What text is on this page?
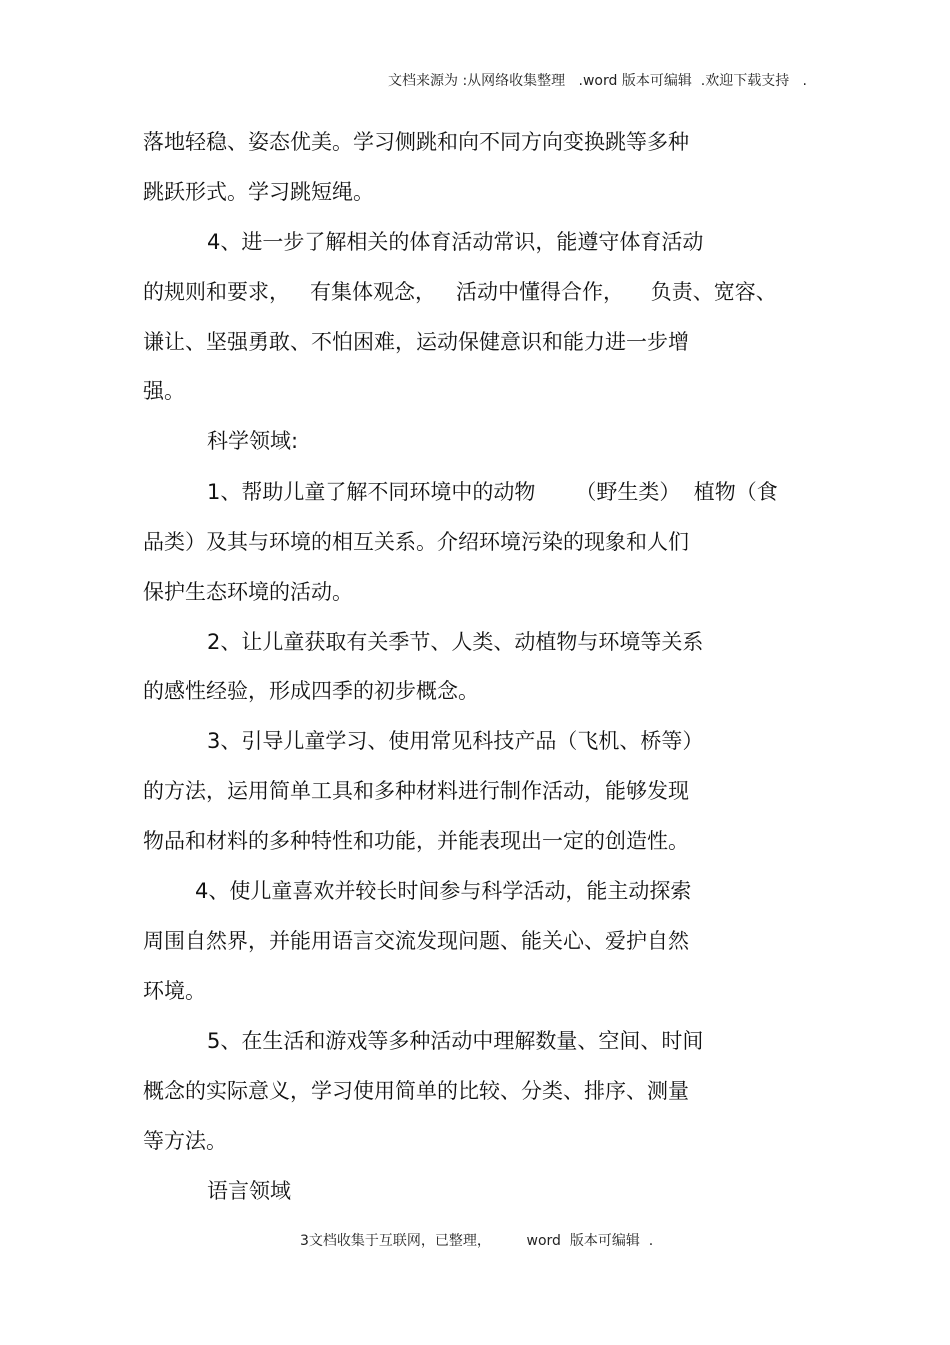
文档来源为 :从网络收集整理   .word 版本可编辑  .欢迎下载支持   .
落地轻稳、姿态优美。学习侧跳和向不同方向变换跳等多种
跳跃形式。学习跳短绳。
4、进一步了解相关的体育活动常识，能遵守体育活动
的规则和要求，   有集体观念，   活动中懂得合作，    负责、宽容、
谦让、坚强勇敢、不怕困难，运动保健意识和能力进一步增
强。
科学领域:
1、帮助儿童了解不同环境中的动物      （野生类）  植物（食
品类）及其与环境的相互关系。介绍环境污染的现象和人们
保护生态环境的活动。
2、让儿童获取有关季节、人类、动植物与环境等关系
的感性经验，形成四季的初步概念。
3、引导儿童学习、使用常见科技产品（飞机、桥等）
的方法，运用简单工具和多种材料进行制作活动，能够发现
物品和材料的多种特性和功能，并能表现出一定的创造性。
4、使儿童喜欢并较长时间参与科学活动，能主动探索
周围自然界，并能用语言交流发现问题、能关心、爱护自然
环境。
5、在生活和游戏等多种活动中理解数量、空间、时间
概念的实际意义，学习使用简单的比较、分类、排序、测量
等方法。
语言领域
3文档收集于互联网，已整理，        word  版本可编辑  .
